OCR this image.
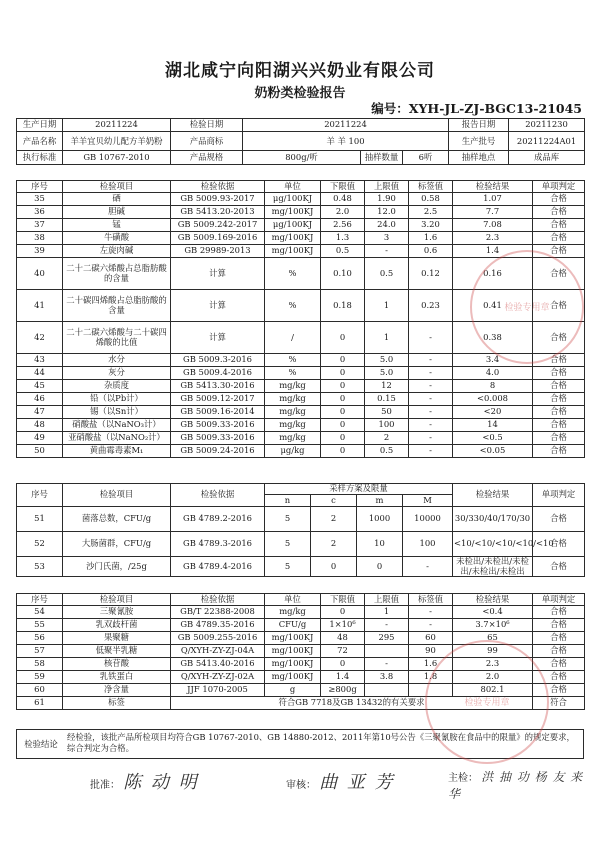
湖北咸宁向阳湖兴兴奶业有限公司
奶粉类检验报告
编号：XYH-JL-ZJ-BGC13-21045
生产日期	20211224	检验日期	20211224			报告日期	20211230
产品名称	羊羊宜贝幼儿配方羊奶粉	产品商标	羊 羊 100			生产批号	20211224A01
执行标准	GB 10767-2010	产品规格	800g/听	抽样数量	6听	抽样地点	成品库
序号	检验项目	检验依据	单位	下限值	上限值	标签值	检验结果	单项判定
35	硒	GB 5009.93-2017	μg/100KJ	0.48	1.90	0.58	1.07	合格
36	胆碱	GB 5413.20-2013	mg/100KJ	2.0	12.0	2.5	7.7	合格
37	锰	GB 5009.242-2017	μg/100KJ	2.56	24.0	3.20	7.08	合格
38	牛磺酸	GB 5009.169-2016	mg/100KJ	1.3	3	1.6	2.3	合格
39	左旋肉碱	GB 29989-2013	mg/100KJ	0.5	-	0.6	1.4	合格
40	二十二碳六烯酸占总脂肪酸的含量	计算	%	0.10	0.5	0.12	0.16	合格
41	二十碳四烯酸占总脂肪酸的含量	计算	%	0.18	1	0.23	0.41	合格
42	二十二碳六烯酸与二十碳四烯酸的比值	计算	/	0	1	-	0.38	合格
43	水分	GB 5009.3-2016	%	0	5.0	-	3.4	合格
44	灰分	GB 5009.4-2016	%	0	5.0	-	4.0	合格
45	杂质度	GB 5413.30-2016	mg/kg	0	12	-	8	合格
46	铅（以Pb计）	GB 5009.12-2017	mg/kg	0	0.15	-	<0.008	合格
47	锡（以Sn计）	GB 5009.16-2014	mg/kg	0	50	-	<20	合格
48	硝酸盐（以NaNO₃计）	GB 5009.33-2016	mg/kg	0	100	-	14	合格
49	亚硝酸盐（以NaNO₂计）	GB 5009.33-2016	mg/kg	0	2	-	<0.5	合格
50	黄曲霉毒素M₁	GB 5009.24-2016	μg/kg	0	0.5	-	<0.05	合格
序号	检验项目	检验依据	采样方案及限量				检验结果	单项判定
			n	c	m	M		
51	菌落总数，CFU/g	GB 4789.2-2016	5	2	1000	10000	30/330/40/170/30	合格
52	大肠菌群，CFU/g	GB 4789.3-2016	5	2	10	100	<10/<10/<10/<10/<10	合格
53	沙门氏菌，/25g	GB 4789.4-2016	5	0	0	-	未检出/未检出/未检出/未检出/未检出	合格
序号	检验项目	检验依据	单位	下限值	上限值	标签值	检验结果	单项判定
54	三聚氰胺	GB/T 22388-2008	mg/kg	0	1	-	<0.4	合格
55	乳双歧杆菌	GB 4789.35-2016	CFU/g	1×10⁶	-	-	3.7×10⁶	合格
56	果聚糖	GB 5009.255-2016	mg/100KJ	48	295	60	65	合格
57	低聚半乳糖	Q/XYH-ZY-ZJ-04A	mg/100KJ	72		90	99	合格
58	核苷酸	GB 5413.40-2016	mg/100KJ	0	-	1.6	2.3	合格
59	乳铁蛋白	Q/XYH-ZY-ZJ-02A	mg/100KJ	1.4	3.8	1.8	2.0	合格
60	净含量	JJF 1070-2005	g	≥800g			802.1	合格
61	标签	符合GB 7718及GB 13432的有关要求						符合
检验结论
经检验，该批产品所检项目均符合GB 10767-2010、GB 14880-2012、2011年第10号公告《三聚氰胺在食品中的限量》的规定要求，综合判定为合格。
批准： 陈 动 明	审核： 曲 亚 芳	主检： 洪 抽 功 杨 友 来 华
检验专用章
检验专用章
